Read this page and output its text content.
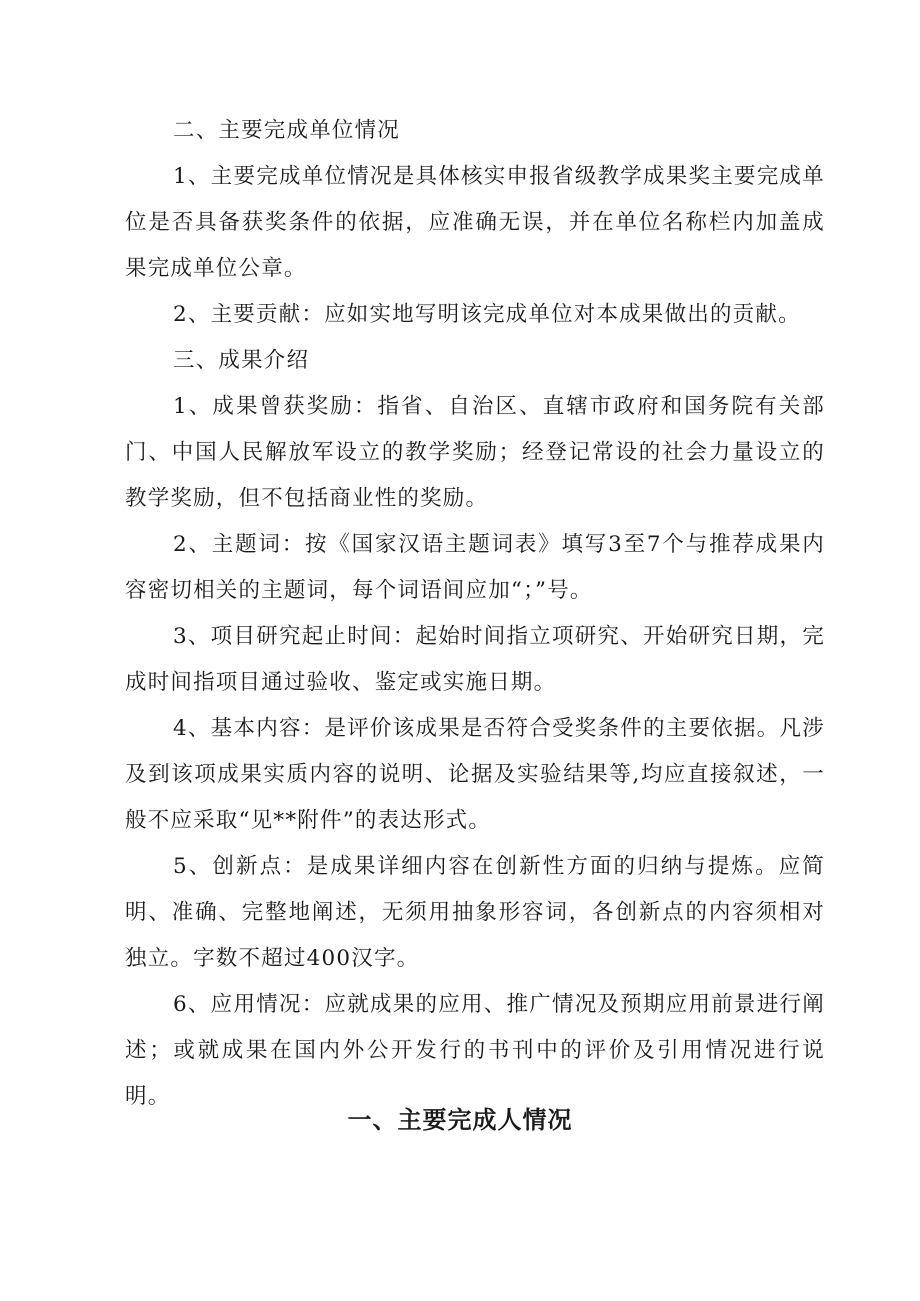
二、主要完成单位情况

1、主要完成单位情况是具体核实申报省级教学成果奖主要完成单位是否具备获奖条件的依据，应准确无误，并在单位名称栏内加盖成果完成单位公章。

2、主要贡献：应如实地写明该完成单位对本成果做出的贡献。

三、成果介绍

1、成果曾获奖励：指省、自治区、直辖市政府和国务院有关部门、中国人民解放军设立的教学奖励；经登记常设的社会力量设立的教学奖励，但不包括商业性的奖励。

2、主题词：按《国家汉语主题词表》填写3至7个与推荐成果内容密切相关的主题词，每个词语间应加“；”号。

3、项目研究起止时间：起始时间指立项研究、开始研究日期，完成时间指项目通过验收、鉴定或实施日期。

4、基本内容：是评价该成果是否符合受奖条件的主要依据。凡涉及到该项成果实质内容的说明、论据及实验结果等,均应直接叙述，一般不应采取“见**附件”的表达形式。

5、创新点：是成果详细内容在创新性方面的归纳与提炼。应简明、准确、完整地阐述，无须用抽象形容词，各创新点的内容须相对独立。字数不超过400汉字。

6、应用情况：应就成果的应用、推广情况及预期应用前景进行阐述；或就成果在国内外公开发行的书刊中的评价及引用情况进行说明。

一、主要完成人情况
